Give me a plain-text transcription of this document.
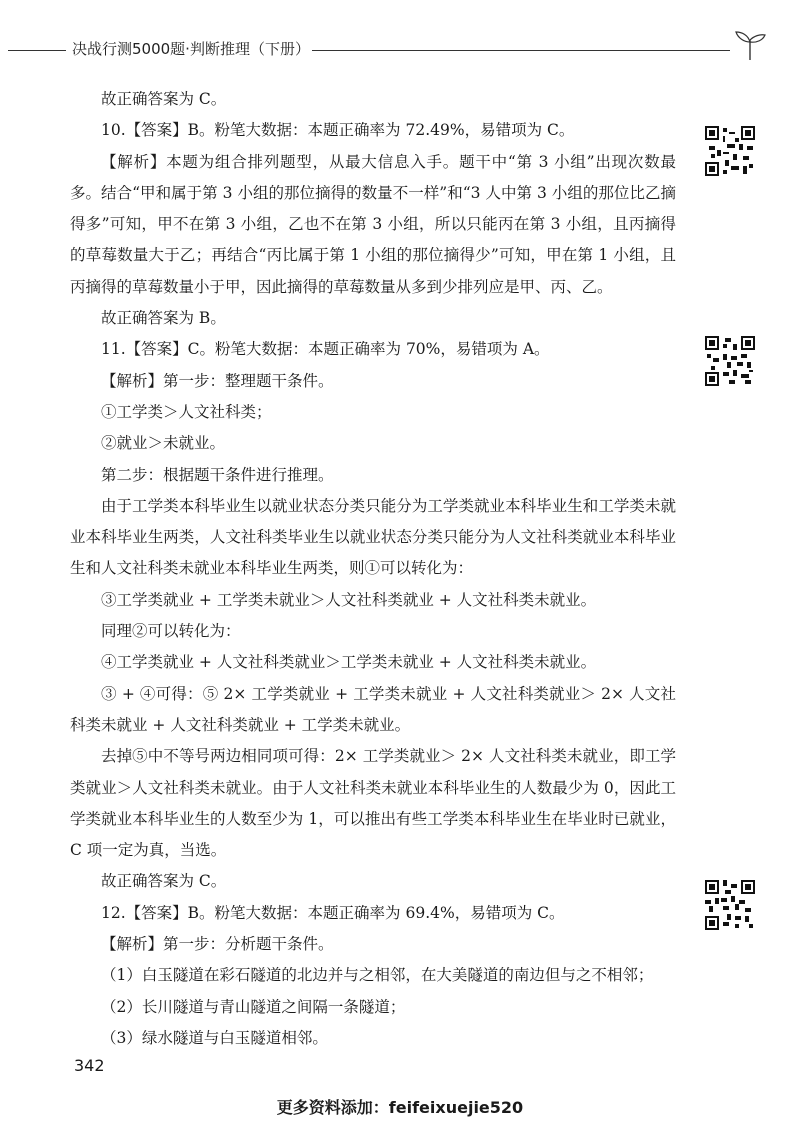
决战行测5000题·判断推理（下册）

故正确答案为 C。

10.【答案】B。粉笔大数据：本题正确率为 72.49%，易错项为 C。

【解析】本题为组合排列题型，从最大信息入手。题干中“第 3 小组”出现次数最多。结合“甲和属于第 3 小组的那位摘得的数量不一样”和“3 人中第 3 小组的那位比乙摘得多”可知，甲不在第 3 小组，乙也不在第 3 小组，所以只能丙在第 3 小组，且丙摘得的草莓数量大于乙；再结合“丙比属于第 1 小组的那位摘得少”可知，甲在第 1 小组，且丙摘得的草莓数量小于甲，因此摘得的草莓数量从多到少排列应是甲、丙、乙。

故正确答案为 B。

11.【答案】C。粉笔大数据：本题正确率为 70%，易错项为 A。

【解析】第一步：整理题干条件。

①工学类＞人文社科类；

②就业＞未就业。

第二步：根据题干条件进行推理。

由于工学类本科毕业生以就业状态分类只能分为工学类就业本科毕业生和工学类未就业本科毕业生两类，人文社科类毕业生以就业状态分类只能分为人文社科类就业本科毕业生和人文社科类未就业本科毕业生两类，则①可以转化为：

③工学类就业 + 工学类未就业＞人文社科类就业 + 人文社科类未就业。

同理②可以转化为：

④工学类就业 + 人文社科类就业＞工学类未就业 + 人文社科类未就业。

③ + ④可得：⑤ 2× 工学类就业 + 工学类未就业 + 人文社科类就业＞ 2× 人文社科类未就业 + 人文社科类就业 + 工学类未就业。

去掉⑤中不等号两边相同项可得：2× 工学类就业＞ 2× 人文社科类未就业，即工学类就业＞人文社科类未就业。由于人文社科类未就业本科毕业生的人数最少为 0，因此工学类就业本科毕业生的人数至少为 1，可以推出有些工学类本科毕业生在毕业时已就业，C 项一定为真，当选。

故正确答案为 C。

12.【答案】B。粉笔大数据：本题正确率为 69.4%，易错项为 C。

【解析】第一步：分析题干条件。

（1）白玉隧道在彩石隧道的北边并与之相邻，在大美隧道的南边但与之不相邻；

（2）长川隧道与青山隧道之间隔一条隧道；

（3）绿水隧道与白玉隧道相邻。

342
更多资料添加：feifeixuejie520
